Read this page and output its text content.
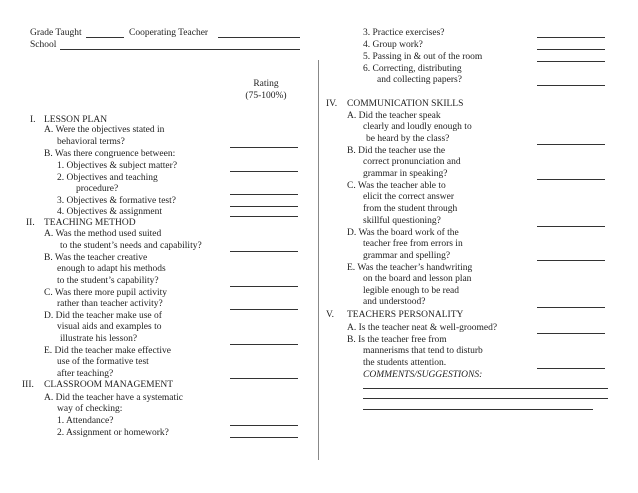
Grade Taught	Cooperating Teacher
School
Rating
(75-100%)
I. LESSON PLAN
A. Were the objectives stated in
behavioral terms?
B. Was there congruence between:
1. Objectives & subject matter?
2. Objectives and teaching
procedure?
3. Objectives & formative test?
4. Objectives & assignment
II. TEACHING METHOD
A. Was the method used suited
to the student’s needs and capability?
B. Was the teacher creative
enough to adapt his methods
to the student’s capability?
C. Was there more pupil activity
rather than teacher activity?
D. Did the teacher make use of
visual aids and examples to
illustrate his lesson?
E. Did the teacher make effective
use of the formative test
after teaching?
III. CLASSROOM MANAGEMENT
A. Did the teacher have a systematic
way of checking:
1. Attendance?
2. Assignment or homework?
3. Practice exercises?
4. Group work?
5. Passing in & out of the room
6. Correcting, distributing
and collecting papers?
IV. COMMUNICATION SKILLS
A. Did the teacher speak
clearly and loudly enough to
be heard by the class?
B. Did the teacher use the
correct pronunciation and
grammar in speaking?
C. Was the teacher able to
elicit the correct answer
from the student through
skillful questioning?
D. Was the board work of the
teacher free from errors in
grammar and spelling?
E. Was the teacher’s handwriting
on the board and lesson plan
legible enough to be read
and understood?
V. TEACHERS PERSONALITY
A. Is the teacher neat & well-groomed?
B. Is the teacher free from
mannerisms that tend to disturb
the students attention.
COMMENTS/SUGGESTIONS:
